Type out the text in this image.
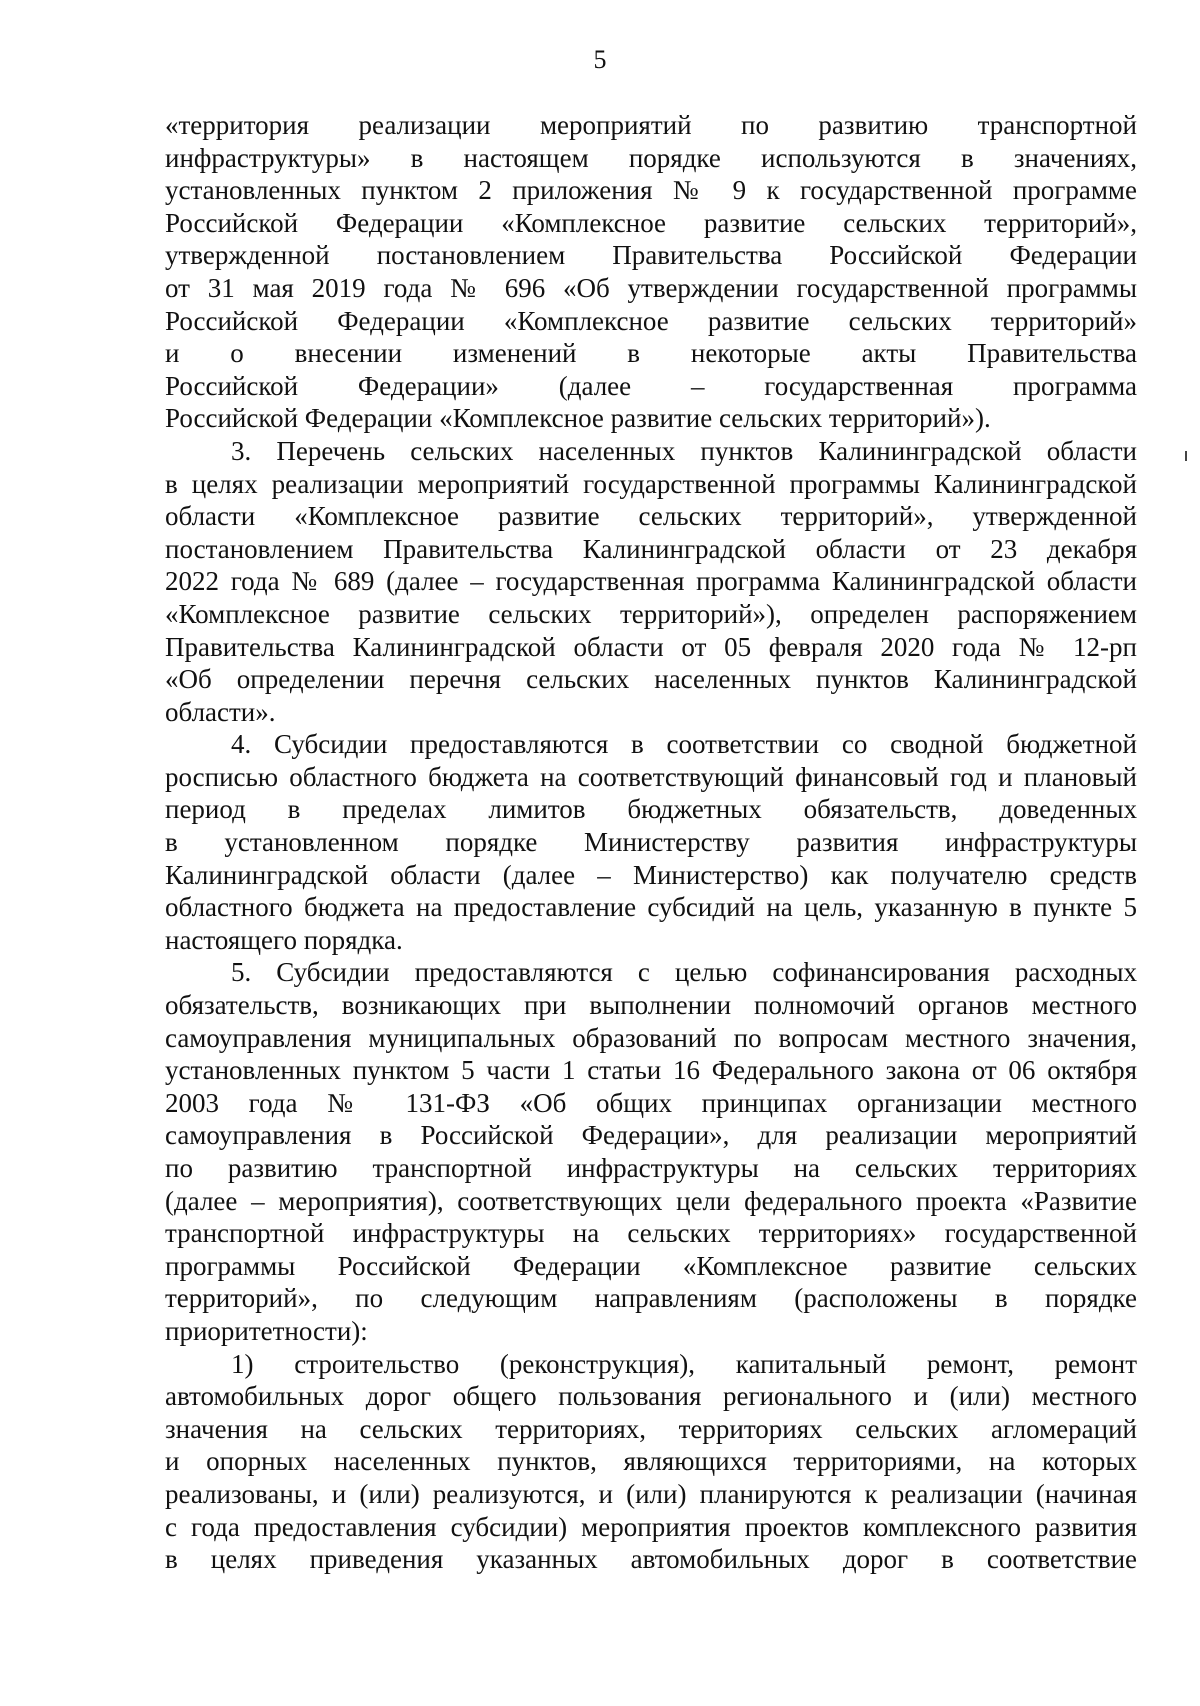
5
«территория реализации мероприятий по развитию транспортной
инфраструктуры» в настоящем порядке используются в значениях,
установленных пунктом 2 приложения № 9 к государственной программе
Российской Федерации «Комплексное развитие сельских территорий»,
утвержденной постановлением Правительства Российской Федерации
от 31 мая 2019 года № 696 «Об утверждении государственной программы
Российской Федерации «Комплексное развитие сельских территорий»
и о внесении изменений в некоторые акты Правительства
Российской Федерации» (далее – государственная программа
Российской Федерации «Комплексное развитие сельских территорий»).
3. Перечень сельских населенных пунктов Калининградской области
в целях реализации мероприятий государственной программы Калининградской
области «Комплексное развитие сельских территорий», утвержденной
постановлением Правительства Калининградской области от 23 декабря
2022 года № 689 (далее – государственная программа Калининградской области
«Комплексное развитие сельских территорий»), определен распоряжением
Правительства Калининградской области от 05 февраля 2020 года № 12-рп
«Об определении перечня сельских населенных пунктов Калининградской
области».
4. Субсидии предоставляются в соответствии со сводной бюджетной
росписью областного бюджета на соответствующий финансовый год и плановый
период в пределах лимитов бюджетных обязательств, доведенных
в установленном порядке Министерству развития инфраструктуры
Калининградской области (далее – Министерство) как получателю средств
областного бюджета на предоставление субсидий на цель, указанную в пункте 5
настоящего порядка.
5. Субсидии предоставляются с целью софинансирования расходных
обязательств, возникающих при выполнении полномочий органов местного
самоуправления муниципальных образований по вопросам местного значения,
установленных пунктом 5 части 1 статьи 16 Федерального закона от 06 октября
2003 года № 131-ФЗ «Об общих принципах организации местного
самоуправления в Российской Федерации», для реализации мероприятий
по развитию транспортной инфраструктуры на сельских территориях
(далее – мероприятия), соответствующих цели федерального проекта «Развитие
транспортной инфраструктуры на сельских территориях» государственной
программы Российской Федерации «Комплексное развитие сельских
территорий», по следующим направлениям (расположены в порядке
приоритетности):
1) строительство (реконструкция), капитальный ремонт, ремонт
автомобильных дорог общего пользования регионального и (или) местного
значения на сельских территориях, территориях сельских агломераций
и опорных населенных пунктов, являющихся территориями, на которых
реализованы, и (или) реализуются, и (или) планируются к реализации (начиная
с года предоставления субсидии) мероприятия проектов комплексного развития
в целях приведения указанных автомобильных дорог в соответствие
